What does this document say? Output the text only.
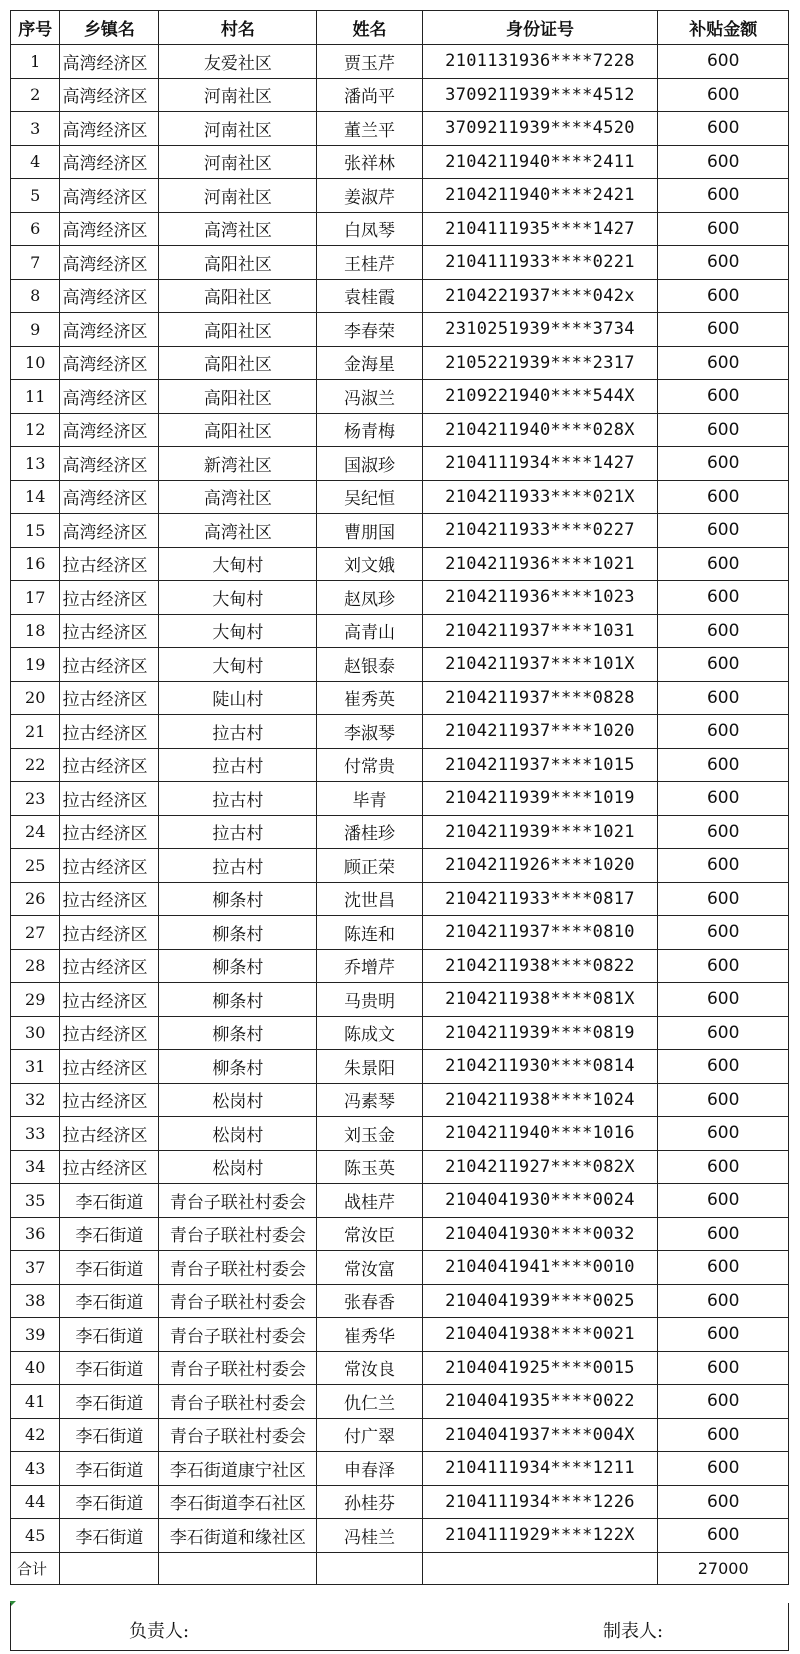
序号	乡镇名	村名	姓名	身份证号	补贴金额
1	高湾经济区	友爱社区	贾玉芹	2101131936****7228	600
2	高湾经济区	河南社区	潘尚平	3709211939****4512	600
3	高湾经济区	河南社区	董兰平	3709211939****4520	600
4	高湾经济区	河南社区	张祥林	2104211940****2411	600
5	高湾经济区	河南社区	姜淑芹	2104211940****2421	600
6	高湾经济区	高湾社区	白凤琴	2104111935****1427	600
7	高湾经济区	高阳社区	王桂芹	2104111933****0221	600
8	高湾经济区	高阳社区	袁桂霞	2104221937****042x	600
9	高湾经济区	高阳社区	李春荣	2310251939****3734	600
10	高湾经济区	高阳社区	金海星	2105221939****2317	600
11	高湾经济区	高阳社区	冯淑兰	2109221940****544X	600
12	高湾经济区	高阳社区	杨青梅	2104211940****028X	600
13	高湾经济区	新湾社区	国淑珍	2104111934****1427	600
14	高湾经济区	高湾社区	吴纪恒	2104211933****021X	600
15	高湾经济区	高湾社区	曹朋国	2104211933****0227	600
16	拉古经济区	大甸村	刘文娥	2104211936****1021	600
17	拉古经济区	大甸村	赵凤珍	2104211936****1023	600
18	拉古经济区	大甸村	高青山	2104211937****1031	600
19	拉古经济区	大甸村	赵银泰	2104211937****101X	600
20	拉古经济区	陡山村	崔秀英	2104211937****0828	600
21	拉古经济区	拉古村	李淑琴	2104211937****1020	600
22	拉古经济区	拉古村	付常贵	2104211937****1015	600
23	拉古经济区	拉古村	毕青	2104211939****1019	600
24	拉古经济区	拉古村	潘桂珍	2104211939****1021	600
25	拉古经济区	拉古村	顾正荣	2104211926****1020	600
26	拉古经济区	柳条村	沈世昌	2104211933****0817	600
27	拉古经济区	柳条村	陈连和	2104211937****0810	600
28	拉古经济区	柳条村	乔增芹	2104211938****0822	600
29	拉古经济区	柳条村	马贵明	2104211938****081X	600
30	拉古经济区	柳条村	陈成文	2104211939****0819	600
31	拉古经济区	柳条村	朱景阳	2104211930****0814	600
32	拉古经济区	松岗村	冯素琴	2104211938****1024	600
33	拉古经济区	松岗村	刘玉金	2104211940****1016	600
34	拉古经济区	松岗村	陈玉英	2104211927****082X	600
35	李石街道	青台子联社村委会	战桂芹	2104041930****0024	600
36	李石街道	青台子联社村委会	常汝臣	2104041930****0032	600
37	李石街道	青台子联社村委会	常汝富	2104041941****0010	600
38	李石街道	青台子联社村委会	张春香	2104041939****0025	600
39	李石街道	青台子联社村委会	崔秀华	2104041938****0021	600
40	李石街道	青台子联社村委会	常汝良	2104041925****0015	600
41	李石街道	青台子联社村委会	仇仁兰	2104041935****0022	600
42	李石街道	青台子联社村委会	付广翠	2104041937****004X	600
43	李石街道	李石街道康宁社区	申春泽	2104111934****1211	600
44	李石街道	李石街道李石社区	孙桂芬	2104111934****1226	600
45	李石街道	李石街道和缘社区	冯桂兰	2104111929****122X	600
合计					27000
负责人:	制表人:
